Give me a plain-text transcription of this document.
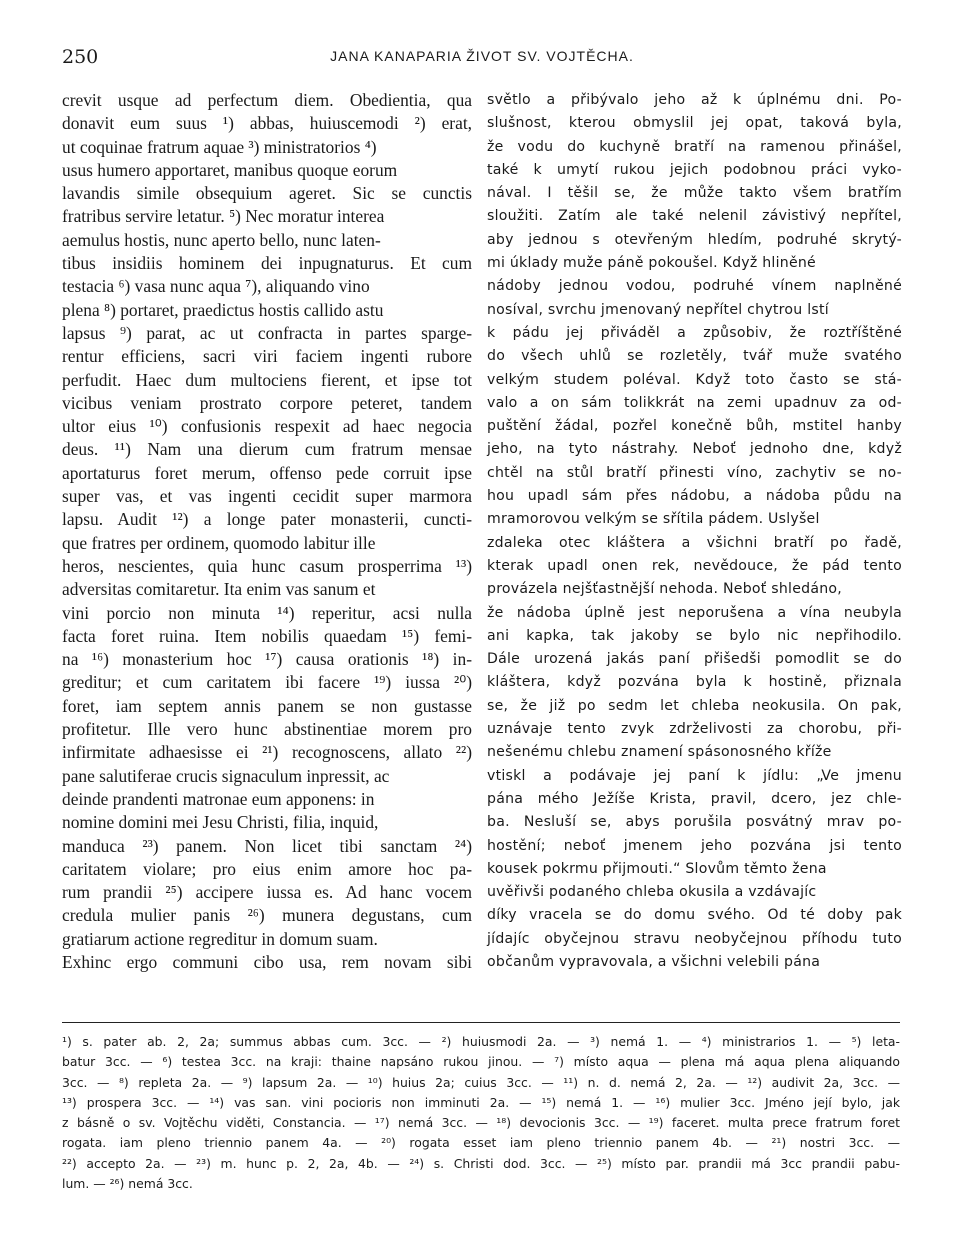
250	JANA KANAPARIA ŽIVOT SV. VOJTĚCHA.
crevit usque ad perfectum diem. Obedientia, qua
donavit eum suus ¹) abbas, huiuscemodi ²) erat,
ut coquinae fratrum aquae ³) ministratorios ⁴)
usus humero apportaret, manibus quoque eorum
lavandis simile obsequium ageret. Sic se cunctis
fratribus servire letatur. ⁵) Nec moratur interea
aemulus hostis, nunc aperto bello, nunc laten-
tibus insidiis hominem dei inpugnaturus. Et cum
testacia ⁶) vasa nunc aqua ⁷), aliquando vino
plena ⁸) portaret, praedictus hostis callido astu
lapsus ⁹) parat, ac ut confracta in partes sparge-
rentur efficiens, sacri viri faciem ingenti rubore
perfudit. Haec dum multociens fierent, et ipse tot
vicibus veniam prostrato corpore peteret, tandem
ultor eius ¹⁰) confusionis respexit ad haec negocia
deus. ¹¹) Nam una dierum cum fratrum mensae
aportaturus foret merum, offenso pede corruit ipse
super vas, et vas ingenti cecidit super marmora
lapsu. Audit ¹²) a longe pater monasterii, cuncti-
que fratres per ordinem, quomodo labitur ille
heros, nescientes, quia hunc casum prosperrima ¹³)
adversitas comitaretur. Ita enim vas sanum et
vini porcio non minuta ¹⁴) reperitur, acsi nulla
facta foret ruina. Item nobilis quaedam ¹⁵) femi-
na ¹⁶) monasterium hoc ¹⁷) causa orationis ¹⁸) in-
greditur; et cum caritatem ibi facere ¹⁹) iussa ²⁰)
foret, iam septem annis panem se non gustasse
profitetur. Ille vero hunc abstinentiae morem pro
infirmitate adhaesisse ei ²¹) recognoscens, allato ²²)
pane salutiferae crucis signaculum inpressit, ac
deinde prandenti matronae eum apponens: in
nomine domini mei Jesu Christi, filia, inquid,
manduca ²³) panem. Non licet tibi sanctam ²⁴)
caritatem violare; pro eius enim amore hoc pa-
rum prandii ²⁵) accipere iussa es. Ad hanc vocem
credula mulier panis ²⁶) munera degustans, cum
gratiarum actione regreditur in domum suam.
Exhinc ergo communi cibo usa, rem novam sibi
světlo a přibývalo jeho až k úplnému dni. Po-
slušnost, kterou obmyslil jej opat, taková byla,
že vodu do kuchyně bratří na ramenou přinášel,
také k umytí rukou jejich podobnou práci vyko-
nával. I těšil se, že může takto všem bratřím
sloužiti. Zatím ale také nelenil závistivý nepřítel,
aby jednou s otevřeným hledím, podruhé skrytý-
mi úklady muže páně pokoušel. Když hliněné
nádoby jednou vodou, podruhé vínem naplněné
nosíval, svrchu jmenovaný nepřítel chytrou lstí
k pádu jej přiváděl a způsobiv, že roztříštěné
do všech uhlů se rozletěly, tvář muže svatého
velkým studem poléval. Když toto často se stá-
valo a on sám tolikkrát na zemi upadnuv za od-
puštění žádal, pozřel konečně bůh, mstitel hanby
jeho, na tyto nástrahy. Neboť jednoho dne, když
chtěl na stůl bratří přinesti víno, zachytiv se no-
hou upadl sám přes nádobu, a nádoba půdu na
mramorovou velkým se sřítila pádem. Uslyšel
zdaleka otec kláštera a všichni bratří po řadě,
kterak upadl onen rek, nevědouce, že pád tento
provázela nejšťastnější nehoda. Neboť shledáno,
že nádoba úplně jest neporušena a vína neubyla
ani kapka, tak jakoby se bylo nic nepřihodilo.
Dále urozená jakás paní přišedši pomodlit se do
kláštera, když pozvána byla k hostině, přiznala
se, že již po sedm let chleba neokusila. On pak,
uznávaje tento zvyk zdrželivosti za chorobu, při-
nešenému chlebu znamení spásonosného kříže
vtiskl a podávaje jej paní k jídlu: „Ve jmenu
pána mého Ježíše Krista, pravil, dcero, jez chle-
ba. Nesluší se, abys porušila posvátný mrav po-
hostění; neboť jmenem jeho pozvána jsi tento
kousek pokrmu přijmouti.“ Slovům těmto žena
uvěřivši podaného chleba okusila a vzdávajíc
díky vracela se do domu svého. Od té doby pak
jídajíc obyčejnou stravu neobyčejnou příhodu tuto
občanům vypravovala, a všichni velebili pána
¹) s. pater ab. 2, 2a; summus abbas cum. 3cc. — ²) huiusmodi 2a. — ³) nemá 1. — ⁴) ministrarios 1. — ⁵) leta-
batur 3cc. — ⁶) testea 3cc. na kraji: thaine napsáno rukou jinou. — ⁷) místo aqua — plena má aqua plena aliquando
3cc. — ⁸) repleta 2a. — ⁹) lapsum 2a. — ¹⁰) huius 2a; cuius 3cc. — ¹¹) n. d. nemá 2, 2a. — ¹²) audivit 2a, 3cc. —
¹³) prospera 3cc. — ¹⁴) vas san. vini pocioris non imminuti 2a. — ¹⁵) nemá 1. — ¹⁶) mulier 3cc. Jméno její bylo, jak
z básně o sv. Vojtěchu viděti, Constancia. — ¹⁷) nemá 3cc. — ¹⁸) devocionis 3cc. — ¹⁹) faceret. multa prece fratrum foret
rogata. iam pleno triennio panem 4a. — ²⁰) rogata esset iam pleno triennio panem 4b. — ²¹) nostri 3cc. —
²²) accepto 2a. — ²³) m. hunc p. 2, 2a, 4b. — ²⁴) s. Christi dod. 3cc. — ²⁵) místo par. prandii má 3cc prandii pabu-
lum. — ²⁶) nemá 3cc.
